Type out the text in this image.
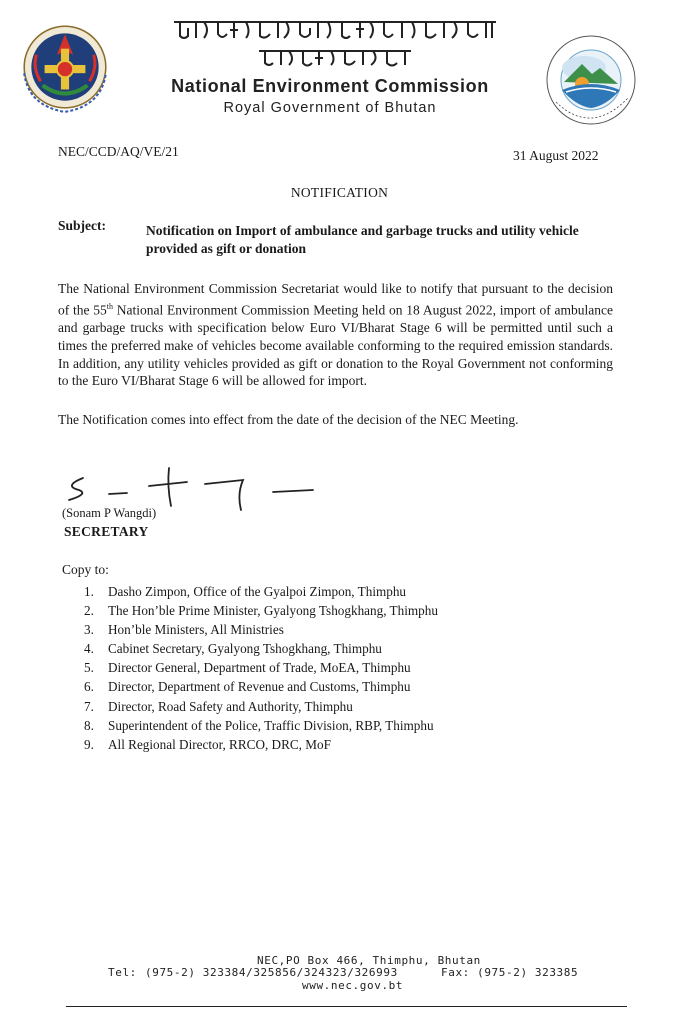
National Environment Commission
Royal Government of Bhutan
NEC/CCD/AQ/VE/21	31 August 2022
NOTIFICATION
Subject:	Notification on Import of ambulance and garbage trucks and utility vehicle provided as gift or donation
The National Environment Commission Secretariat would like to notify that pursuant to the decision of the 55th National Environment Commission Meeting held on 18 August 2022, import of ambulance and garbage trucks with specification below Euro VI/Bharat Stage 6 will be permitted until such a times the preferred make of vehicles become available conforming to the required emission standards. In addition, any utility vehicles provided as gift or donation to the Royal Government not conforming to the Euro VI/Bharat Stage 6 will be allowed for import.
The Notification comes into effect from the date of the decision of the NEC Meeting.
(Sonam P Wangdi)
SECRETARY
Copy to:
1. Dasho Zimpon, Office of the Gyalpoi Zimpon, Thimphu
2. The Hon’ble Prime Minister, Gyalyong Tshogkhang, Thimphu
3. Hon’ble Ministers, All Ministries
4. Cabinet Secretary, Gyalyong Tshogkhang, Thimphu
5. Director General, Department of Trade, MoEA, Thimphu
6. Director, Department of Revenue and Customs, Thimphu
7. Director, Road Safety and Authority, Thimphu
8. Superintendent of the Police, Traffic Division, RBP, Thimphu
9. All Regional Director, RRCO, DRC, MoF
NEC,PO Box 466, Thimphu, Bhutan
Tel: (975-2) 323384/325856/324323/326993	Fax: (975-2) 323385
www.nec.gov.bt
